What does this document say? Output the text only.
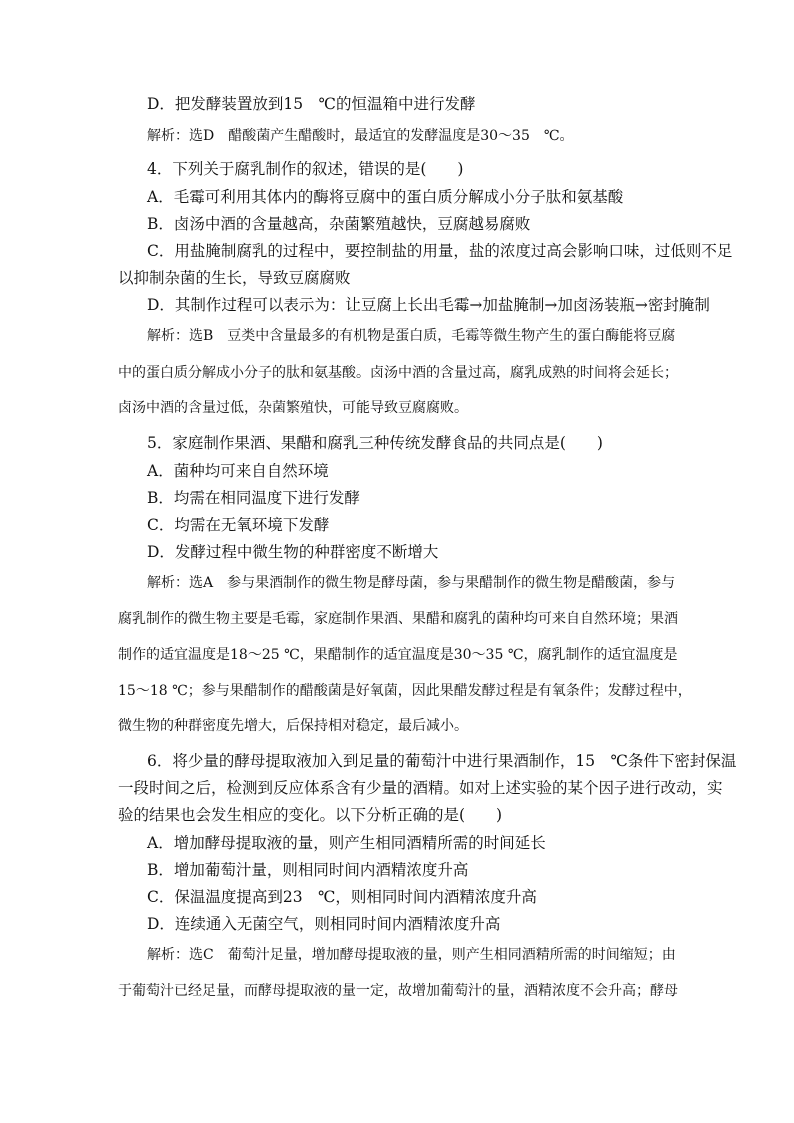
D．把发酵装置放到15　℃的恒温箱中进行发酵
解析：选D　醋酸菌产生醋酸时，最适宜的发酵温度是30～35　℃。
4．下列关于腐乳制作的叙述，错误的是(　　)
A．毛霉可利用其体内的酶将豆腐中的蛋白质分解成小分子肽和氨基酸
B．卤汤中酒的含量越高，杂菌繁殖越快，豆腐越易腐败
C．用盐腌制腐乳的过程中，要控制盐的用量，盐的浓度过高会影响口味，过低则不足
以抑制杂菌的生长，导致豆腐腐败
D．其制作过程可以表示为：让豆腐上长出毛霉→加盐腌制→加卤汤装瓶→密封腌制
解析：选B　豆类中含量最多的有机物是蛋白质，毛霉等微生物产生的蛋白酶能将豆腐
中的蛋白质分解成小分子的肽和氨基酸。卤汤中酒的含量过高，腐乳成熟的时间将会延长；
卤汤中酒的含量过低，杂菌繁殖快，可能导致豆腐腐败。
5．家庭制作果酒、果醋和腐乳三种传统发酵食品的共同点是(　　)
A．菌种均可来自自然环境
B．均需在相同温度下进行发酵
C．均需在无氧环境下发酵
D．发酵过程中微生物的种群密度不断增大
解析：选A　参与果酒制作的微生物是酵母菌，参与果醋制作的微生物是醋酸菌，参与
腐乳制作的微生物主要是毛霉，家庭制作果酒、果醋和腐乳的菌种均可来自自然环境；果酒
制作的适宜温度是18～25 ℃，果醋制作的适宜温度是30～35 ℃，腐乳制作的适宜温度是
15～18 ℃；参与果醋制作的醋酸菌是好氧菌，因此果醋发酵过程是有氧条件；发酵过程中，
微生物的种群密度先增大，后保持相对稳定，最后减小。
6．将少量的酵母提取液加入到足量的葡萄汁中进行果酒制作，15　℃条件下密封保温
一段时间之后，检测到反应体系含有少量的酒精。如对上述实验的某个因子进行改动，实
验的结果也会发生相应的变化。以下分析正确的是(　　)
A．增加酵母提取液的量，则产生相同酒精所需的时间延长
B．增加葡萄汁量，则相同时间内酒精浓度升高
C．保温温度提高到23　℃，则相同时间内酒精浓度升高
D．连续通入无菌空气，则相同时间内酒精浓度升高
解析：选C　葡萄汁足量，增加酵母提取液的量，则产生相同酒精所需的时间缩短；由
于葡萄汁已经足量，而酵母提取液的量一定，故增加葡萄汁的量，酒精浓度不会升高；酵母
